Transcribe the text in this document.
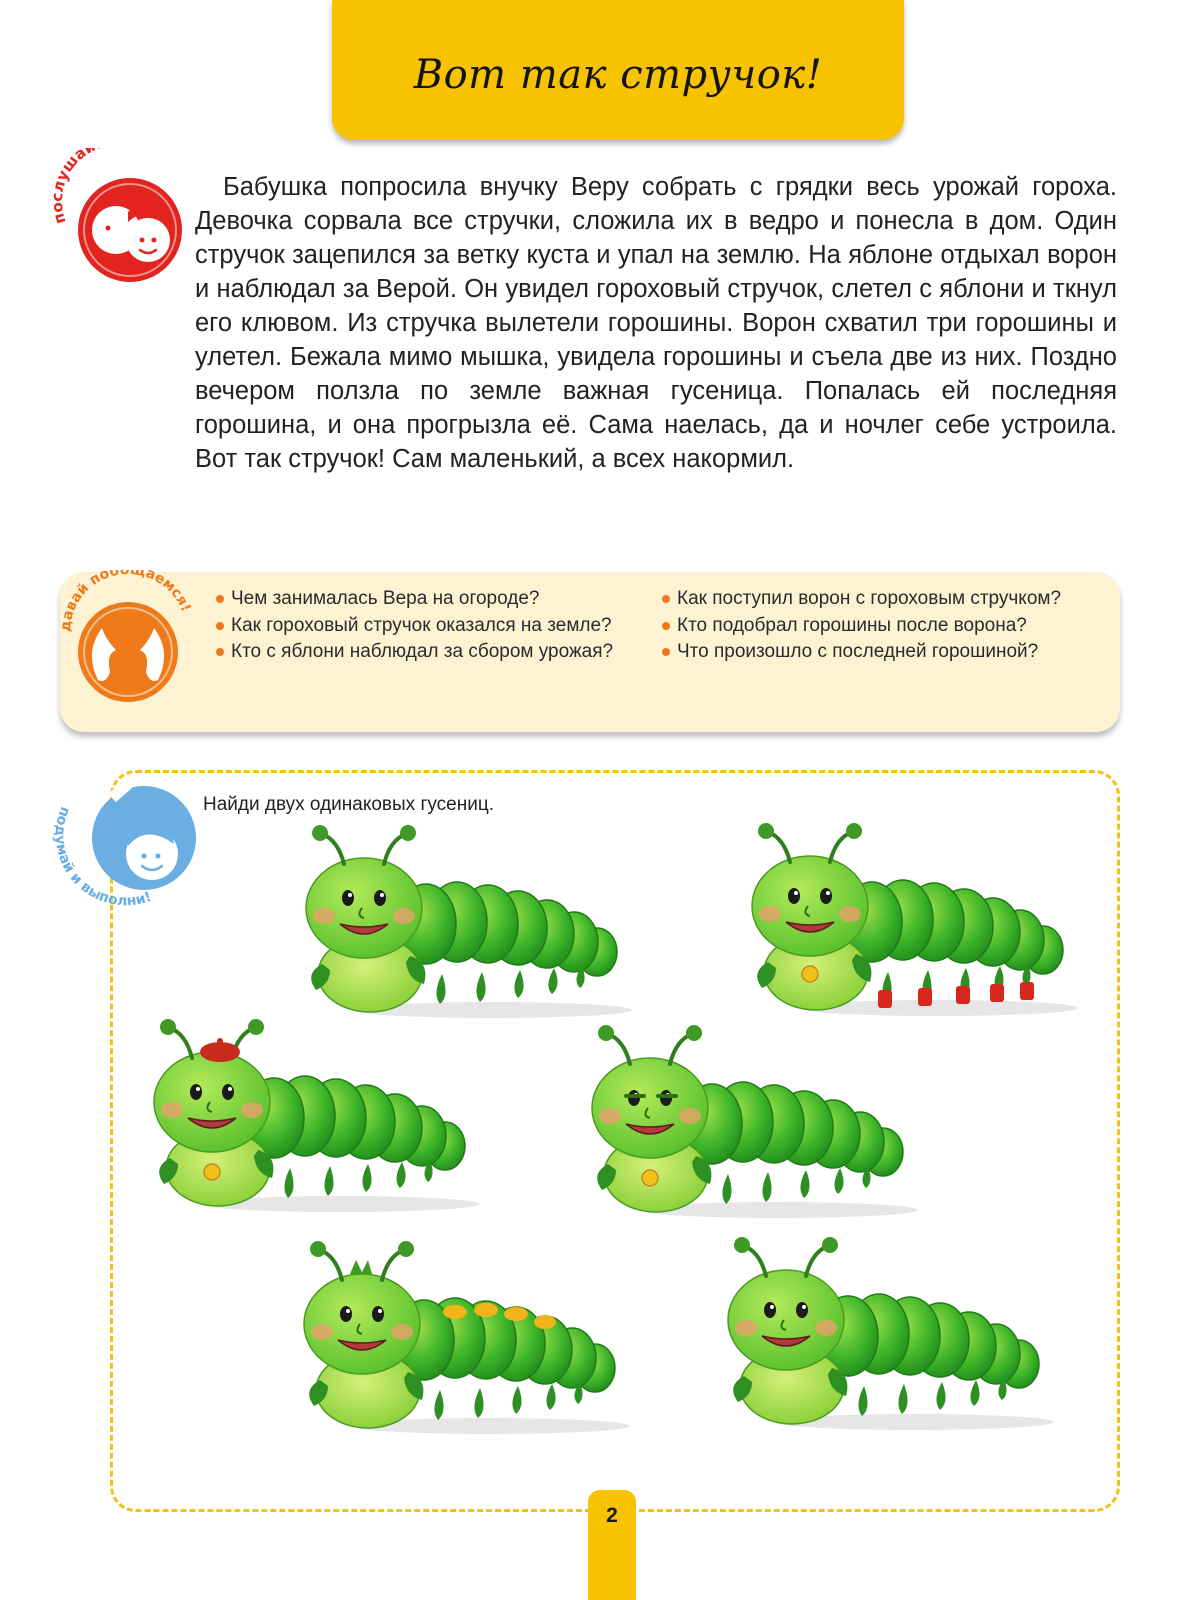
Вот так стручок!
послуша

Бабушка попросила внучку Веру собрать с грядки весь урожай гороха. Девочка сорвала все стручки, сложила их в ведро и понесла в дом. Один стручок зацепился за ветку куста и упал на землю. На яблоне отдыхал ворон и наблюдал за Верой. Он увидел гороховый стручок, слетел с яблони и ткнул его клювом. Из стручка вылетели горошины. Ворон схватил три горошины и улетел. Бежала мимо мышка, увидела горошины и съела две из них. Поздно вечером ползла по земле важная гусеница. Попалась ей последняя горошина, и она прогрызла её. Сама наелась, да и ночлег себе устроила. Вот так стручок! Сам маленький, а всех накормил.

Чем занималась Вера на огороде?
Как гороховый стручок оказался на земле?
Кто с яблони наблюдал за сбором урожая?
Как поступил ворон с гороховым стручком?
Кто подобрал горошины после ворона?
Что произошло с последней горошиной?
давай пообщаемся!
подумай и выполни!

Найди двух одинаковых гусениц.

2
